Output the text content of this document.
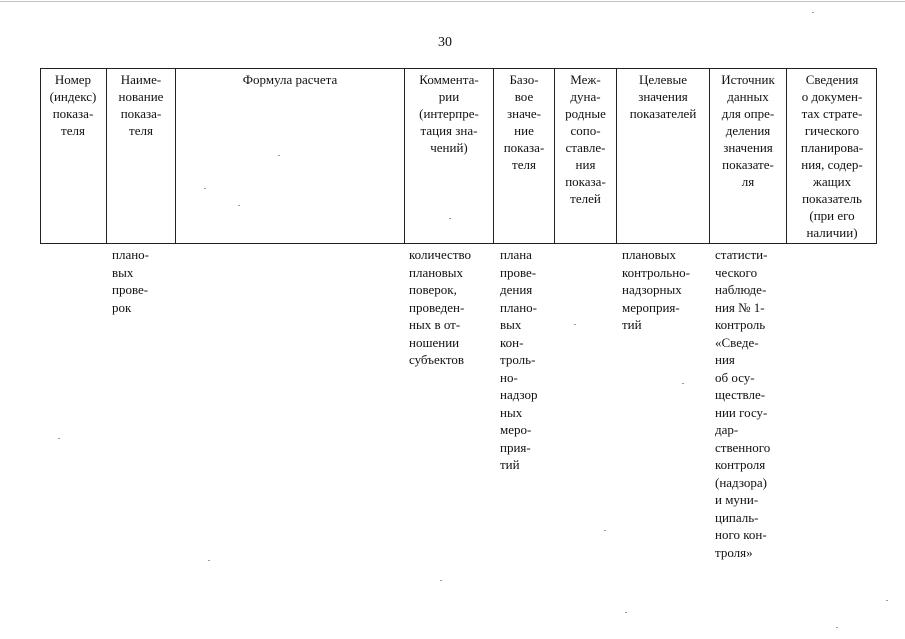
30
Номер
(индекс)
показа-
теля
Наиме-
нование
показа-
теля
Формула расчета	Коммента-
рии
(интерпре-
тация зна-
чений)
Базо-
вое
значе-
ние
показа-
теля
Меж-
дуна-
родные
сопо-
ставле-
ния
показа-
телей
Целевые
значения
показателей
Источник
данных
для опре-
деления
значения
показате-
ля
Сведения
о докумен-
тах страте-
гического
планирова-
ния, содер-
жащих
показатель
(при его
наличии)
плано-
вых
прове-
рок
количество
плановых
поверок,
проведен-
ных в от-
ношении
субъектов
плана
прове-
дения
плано-
вых
кон-
троль-
но-
надзор
ных
меро-
прия-
тий
плановых
контрольно-
надзорных
мероприя-
тий
статисти-
ческого
наблюде-
ния № 1-
контроль
«Сведе-
ния
об осу-
ществле-
нии госу-
дар-
ственного
контроля
(надзора)
и муни-
ципаль-
ного кон-
троля»
